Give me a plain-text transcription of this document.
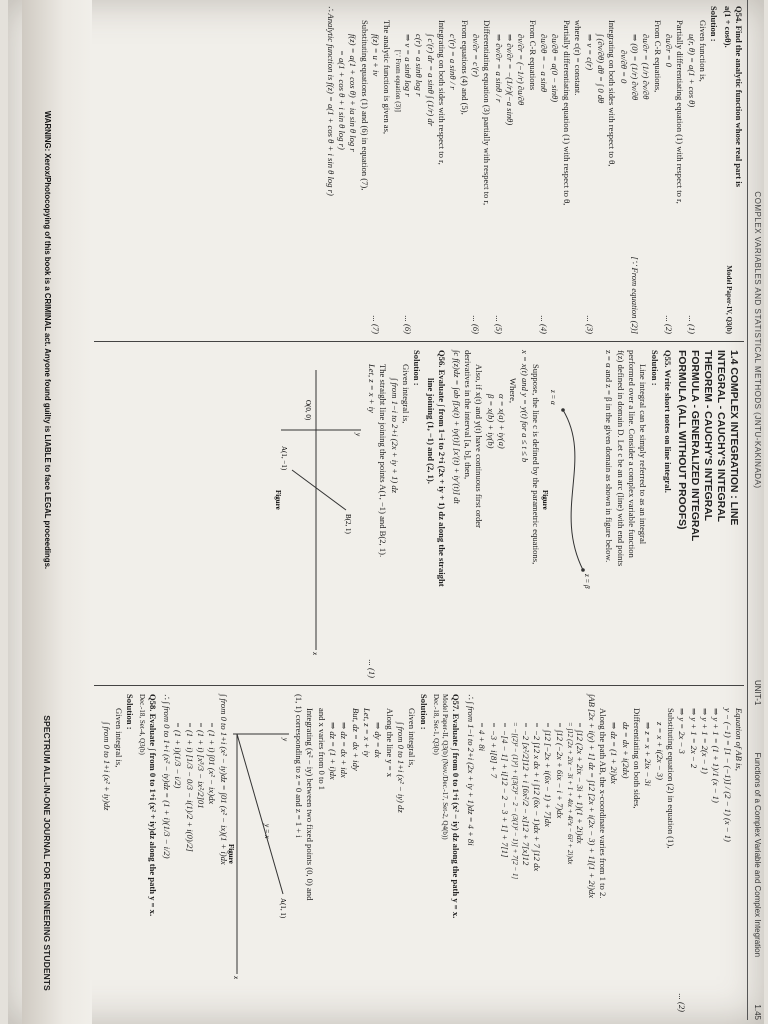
COMPLEX VARIABLES AND STATISTICAL METHODS (JNTU-KAKINADA)
UNIT-1
Functions of a Complex Variable and Complex Integration
1.45
Q54. Find the analytic function whose real part is
a(1 + cosθ).
Model Paper-IV, Q3(b)
Solution :
Given function is,
u(r, θ) = a(1 + cos θ)
... (1)
Partially differentiating equation (1) with respect to r,
∂u/∂r = 0
... (2)
From C-R equations,
∂u/∂r = (1/r) ∂v/∂θ
⇒ (0) = (1/r) ∂v/∂θ
[∵ From equation (2)]
∂v/∂θ = 0
Integrating on both sides with respect to θ,
∫ (∂v/∂θ) dθ = ∫ 0 dθ
⇒ v = c(r)
... (3)
where c(r) = constant.
Partially differentiating equation (1) with respect to θ,
∂u/∂θ = a(0 − sinθ)
∂u/∂θ = − a sinθ
... (4)
From C-R equations
∂v/∂r = (−1/r) ∂u/∂θ
⇒ ∂v/∂r = −(1/r)(−a sinθ)
⇒ ∂v/∂r = a sinθ / r
... (5)
Differentiating equation (3) partially with respect to r,
∂v/∂r = c′(r)
... (6)
From equations (4) and (5),
c′(r) = a sinθ / r
Integrating on both sides with respect to r,
∫ c′(r) dr = a sinθ ∫ (1/r) dr
c(r) = a sinθ log r
⇒ v = a sinθ log r
... (6)
[∵ From equation (3)]
The analytic function is given as,
f(z) = u + iv
... (7)
Substituting equations (1) and (6) in equation (7),
f(z) = a(1 + cos θ) + ia sin θ log r
= a(1 + cos θ + i sin θ log r)
∴ Analytic function is f(z) = a(1 + cos θ + i sin θ log r)
1.4 COMPLEX INTEGRATION : LINE
INTEGRAL - CAUCHY'S INTEGRAL
THEOREM - CAUCHY'S INTEGRAL
FORMULA - GENERALIZED INTEGRAL
FORMULA (ALL WITHOUT PROOFS)
Q55. Write short notes on line integral.
Solution :
Line integral can be simply referred to as an integral
performed over a line. Consider a complex variable function
f(z) defined in domain D. Let c be an arc (line) with end points
z = α and z = β in the given domain as shown in figure below.
z = α
z = β
Figure
Suppose, the line c is defined by the parametric equations,
x = x(t) and y = y(t) for a ≤ t ≤ b
Where,
α = x(a) + iy(a)
β = x(b) + iy(b)
Also, if x(t) and y(t) have continuous first order
derivatives in the interval [a, b], then,
∫c f(z)dz = ∫ab f[x(t) + iy(t)] [x′(t) + iy′(t)] dt
Q56. Evaluate ∫ from 1−i to 2+i (2x + iy + 1) dz along the straight
line joining (1, −1) and (2, 1).
Solution :
Given integral is,
∫ from 1−i to 2+i (2x + iy + 1) dz
The straight line joining the points A(1, −1) and B(2, 1).
Let, z = x + iy
... (1)
B(2, 1)
A(1, −1)
O(0, 0)
x
y
Figure
Equation of AB is,
y − (−1) = [1 − (−1)] / (2 − 1) (x − 1)
⇒ y + 1 = (1 + 1)/1 (x − 1)
⇒ y + 1 = 2(x − 1)
⇒ y + 1 = 2x − 2
⇒ y = 2x − 3
... (2)
Substituting equation (2) in equation (1),
z = x + i(2x − 3)
⇒ z = x + 2ix − 3i
Differentiating on both sides,
dz = dx + i(2dx)
⇒ dz = (1 + 2i)dx
Along the path AB, the x-coordinate varies from 1 to 2.
∫AB [2x + i(y) + 1] dz = ∫12 [2x + i(2x − 3) + 1](1 + 2i)dx
= ∫12 (2x + 2ix − 3i + 1)(1 + 2i)dx
= ∫12 (2x + 2ix − 3i + 1 + 4ix + 4i²x − 6i² + 2i)dx
= ∫12 (−2x + 6ix − i + 7)dx
= ∫12 [−2x + i(6x − 1) + 7]dx
= −2 ∫12 x dx + i ∫12 (6x − 1)dx + 7 ∫12 dx
= −2 [x²/2]12 + i [6x²/2 − x]12 + 7[x]12
= −[(2)² − (1)²] + i[3(2)² − 2 − (3(1)² − 1)] + 7[2 − 1]
= −[4 − 1] + i[12 − 2 − 3 + 1] + 7[1]
= −3 + i[8] + 7
= 4 + 8i
∴ ∫ from 1−i to 2+i (2x + iy + 1)dz = 4 + 8i
Q57. Evaluate ∫ from 0 to 1+i (x² − iy) dz along the path y = x.
Model Paper-II, Q3(b) (Nov./Dec.-17, Set-2, Q4(b))
Dec.-18, Set-1, Q3(b)
Solution :
Given integral is,
∫ from 0 to 1+i (x² − iy) dz
Along the line y = x
⇒ dy = dx
Let, z = x + iy
But, dz = dx + idy
⇒ dz = dx + idx
⇒ dz = (1 + i)dx
and x varies from 0 to 1
Integrating (x² − iy) between two fixed points (0, 0) and
(1, 1) corresponding to z = 0 and z = 1 + i
y
y = x
A(1, 1)
x
Figure
∫ from 0 to 1+i (x² − iy)dz = ∫01 (x² − ix)(1 + i)dx
= (1 + i) ∫01 (x² − ix)dx
= (1 + i) [x³/3 − ix²/2]01
= (1 + i) [1/3 − 0/3 − i(1)/2 + i(0)/2]
= (1 + i)(1/3 − i/2)
∴ ∫ from 0 to 1+i (x² − iy)dz = (1 + i)(1/3 − i/2)
Q58. Evaluate ∫ from 0 to 1+i (x² + iy)dz along the path y = x.
Dec.-18, Set-4, Q3(b)
Solution :
Given integral is,
∫ from 0 to 1+i (x² + iy)dz
WARNING: Xerox/Photocopying of this book is a CRIMINAL act. Anyone found guilty is LIABLE to face LEGAL proceedings.
SPECTRUM ALL-IN-ONE JOURNAL FOR ENGINEERING STUDENTS
